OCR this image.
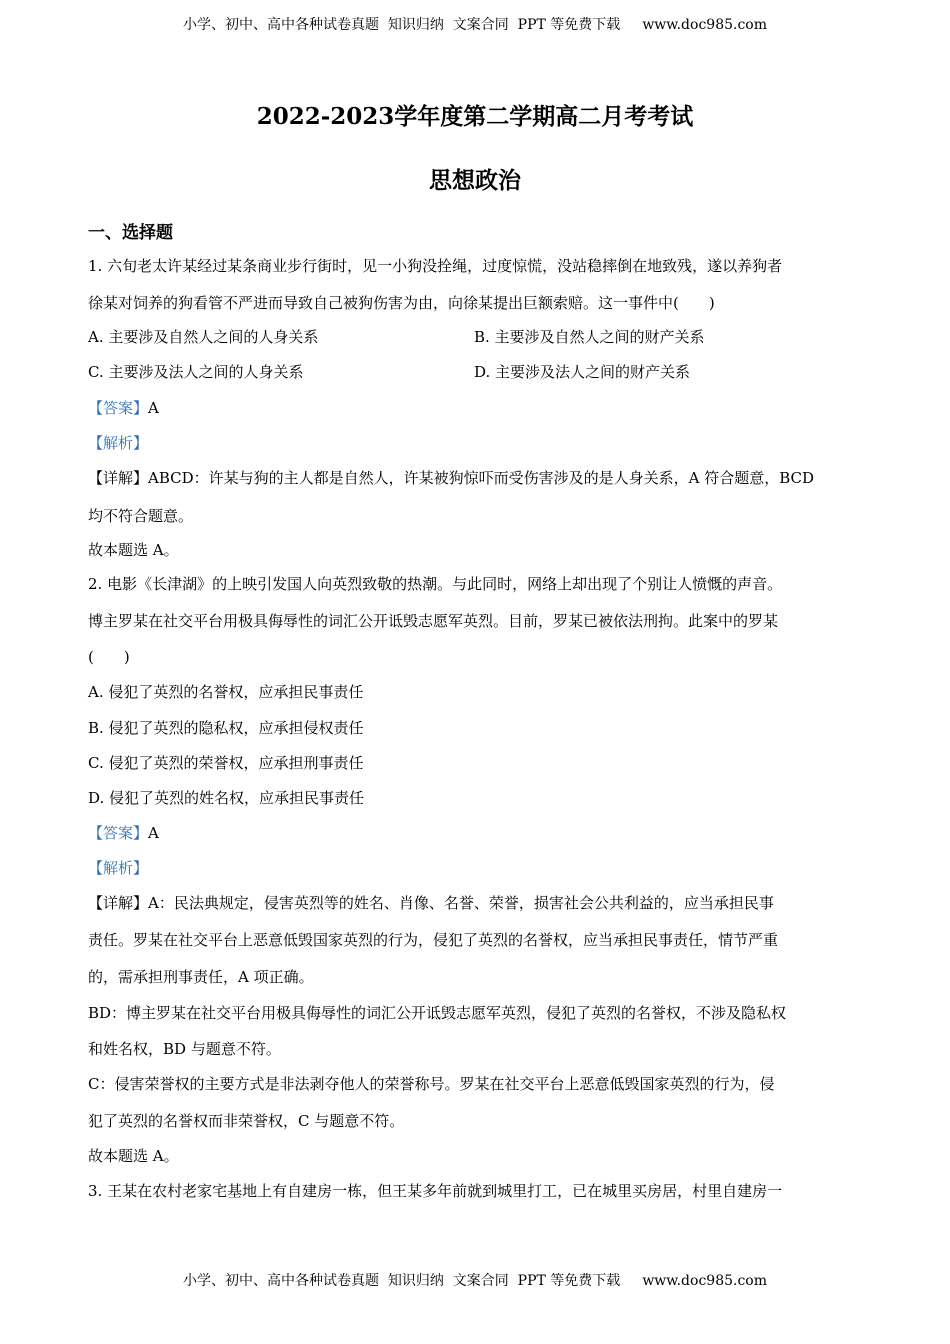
小学、初中、高中各种试卷真题  知识归纳  文案合同  PPT 等免费下载 www.doc985.com
2022-2023学年度第二学期高二月考考试
思想政治
一、选择题
1. 六旬老太许某经过某条商业步行街时，见一小狗没拴绳，过度惊慌，没站稳摔倒在地致残，遂以养狗者
徐某对饲养的狗看管不严进而导致自己被狗伤害为由，向徐某提出巨额索赔。这一事件中(　　)
A. 主要涉及自然人之间的人身关系	B. 主要涉及自然人之间的财产关系
C. 主要涉及法人之间的人身关系	D. 主要涉及法人之间的财产关系
【答案】A
【解析】
【详解】ABCD：许某与狗的主人都是自然人，许某被狗惊吓而受伤害涉及的是人身关系，A 符合题意，BCD
均不符合题意。
故本题选 A。
2. 电影《长津湖》的上映引发国人向英烈致敬的热潮。与此同时，网络上却出现了个别让人愤慨的声音。
博主罗某在社交平台用极具侮辱性的词汇公开诋毁志愿军英烈。目前，罗某已被依法刑拘。此案中的罗某
(　　)
A. 侵犯了英烈的名誉权，应承担民事责任
B. 侵犯了英烈的隐私权，应承担侵权责任
C. 侵犯了英烈的荣誉权，应承担刑事责任
D. 侵犯了英烈的姓名权，应承担民事责任
【答案】A
【解析】
【详解】A：民法典规定，侵害英烈等的姓名、肖像、名誉、荣誉，损害社会公共利益的，应当承担民事
责任。罗某在社交平台上恶意低毁国家英烈的行为，侵犯了英烈的名誉权，应当承担民事责任，情节严重
的，需承担刑事责任，A 项正确。
BD：博主罗某在社交平台用极具侮辱性的词汇公开诋毁志愿军英烈，侵犯了英烈的名誉权，不涉及隐私权
和姓名权，BD 与题意不符。
C：侵害荣誉权的主要方式是非法剥夺他人的荣誉称号。罗某在社交平台上恶意低毁国家英烈的行为，侵
犯了英烈的名誉权而非荣誉权，C 与题意不符。
故本题选 A。
3. 王某在农村老家宅基地上有自建房一栋，但王某多年前就到城里打工，已在城里买房居，村里自建房一
小学、初中、高中各种试卷真题  知识归纳  文案合同  PPT 等免费下载 www.doc985.com
